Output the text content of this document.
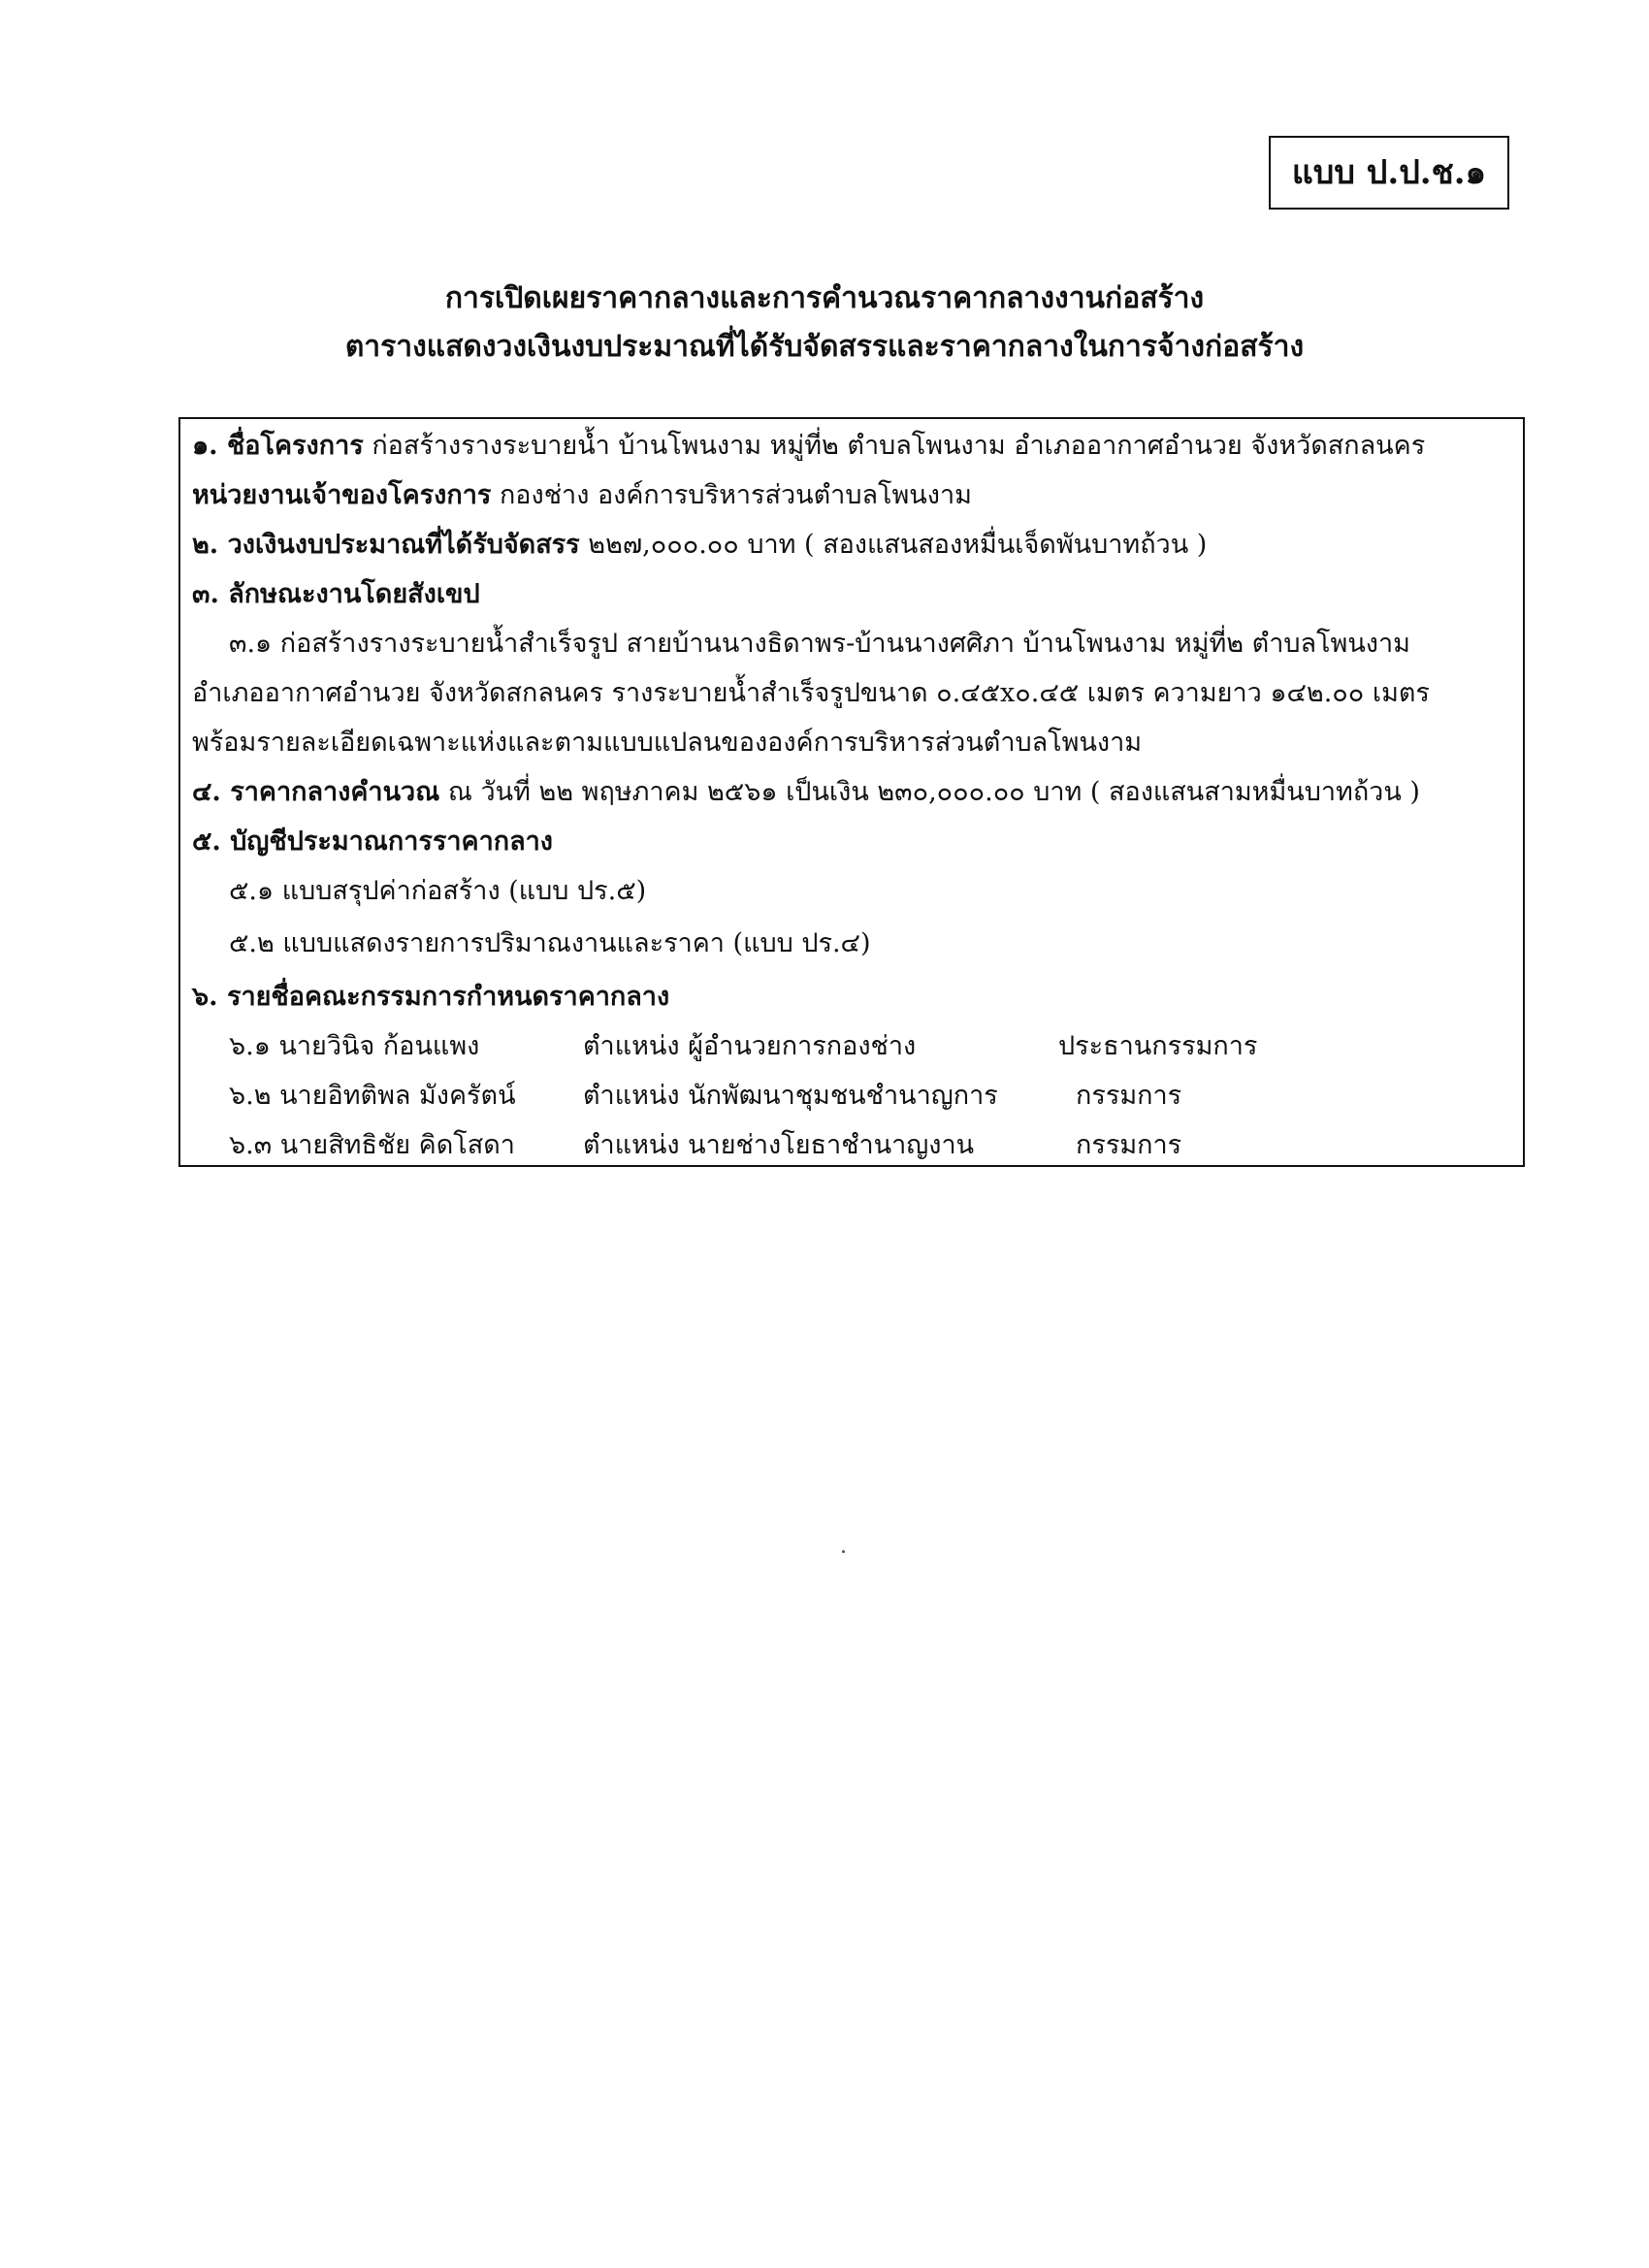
แบบ ป.ป.ช.๑
การเปิดเผยราคากลางและการคำนวณราคากลางงานก่อสร้าง
ตารางแสดงวงเงินงบประมาณที่ได้รับจัดสรรและราคากลางในการจ้างก่อสร้าง
๑. ชื่อโครงการ ก่อสร้างรางระบายน้ำ บ้านโพนงาม หมู่ที่๒ ตำบลโพนงาม อำเภออากาศอำนวย จังหวัดสกลนคร
หน่วยงานเจ้าของโครงการ กองช่าง องค์การบริหารส่วนตำบลโพนงาม
๒. วงเงินงบประมาณที่ได้รับจัดสรร ๒๒๗,๐๐๐.๐๐ บาท ( สองแสนสองหมื่นเจ็ดพันบาทถ้วน )
๓. ลักษณะงานโดยสังเขป
๓.๑ ก่อสร้างรางระบายน้ำสำเร็จรูป สายบ้านนางธิดาพร-บ้านนางศศิภา บ้านโพนงาม หมู่ที่๒ ตำบลโพนงาม
อำเภออากาศอำนวย จังหวัดสกลนคร รางระบายน้ำสำเร็จรูปขนาด ๐.๔๕x๐.๔๕ เมตร ความยาว ๑๔๒.๐๐ เมตร
พร้อมรายละเอียดเฉพาะแห่งและตามแบบแปลนขององค์การบริหารส่วนตำบลโพนงาม
๔. ราคากลางคำนวณ ณ วันที่ ๒๒ พฤษภาคม ๒๕๖๑ เป็นเงิน ๒๓๐,๐๐๐.๐๐ บาท ( สองแสนสามหมื่นบาทถ้วน )
๕. บัญชีประมาณการราคากลาง
๕.๑ แบบสรุปค่าก่อสร้าง (แบบ ปร.๕)
๕.๒ แบบแสดงรายการปริมาณงานและราคา (แบบ ปร.๔)
๖. รายชื่อคณะกรรมการกำหนดราคากลาง
๖.๑ นายวินิจ ก้อนแพง	ตำแหน่ง ผู้อำนวยการกองช่าง	ประธานกรรมการ
๖.๒ นายอิทติพล มังครัตน์	ตำแหน่ง นักพัฒนาชุมชนชำนาญการ	กรรมการ
๖.๓ นายสิทธิชัย คิดโสดา	ตำแหน่ง นายช่างโยธาชำนาญงาน	กรรมการ
